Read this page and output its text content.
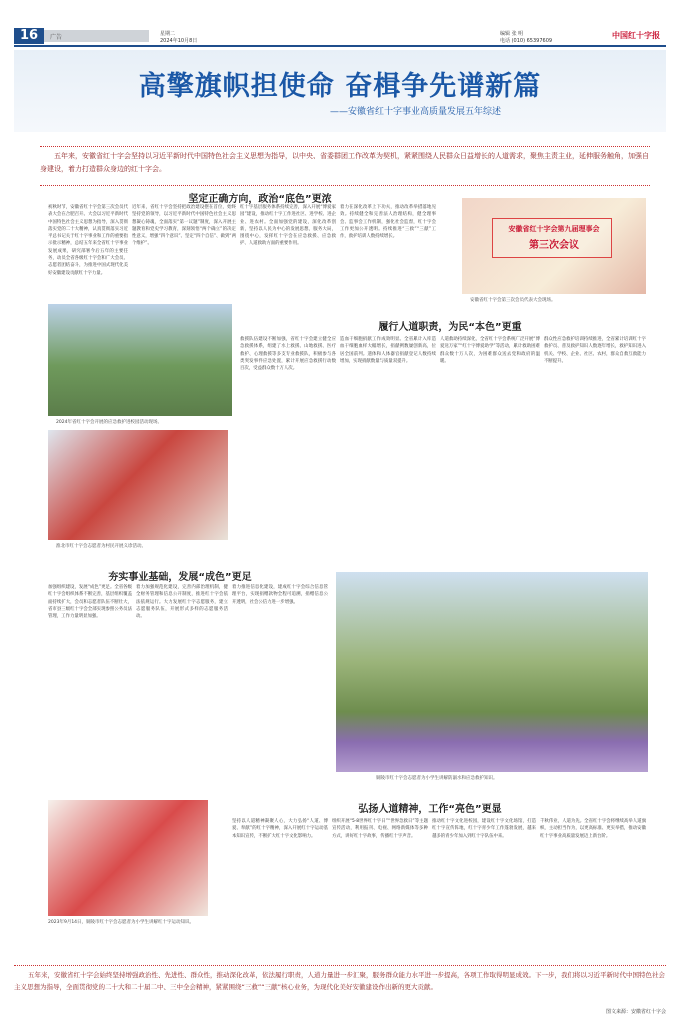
16	广告	星期二
2024年10月8日
编辑 张 明
电话 (010) 65397609
中国红十字报
高擎旗帜担使命 奋楫争先谱新篇
——安徽省红十字事业高质量发展五年综述

五年来，安徽省红十字会坚持以习近平新时代中国特色社会主义思想为指导，以中央、省委群团工作改革为契机，紧紧围绕人民群众日益增长的人道需求，聚焦主责主业，延伸服务触角，加强自身建设，着力打造群众身边的红十字会。

坚定正确方向，政治“底色”更浓
初秋时节，安徽省红十字会第三次会员代表大会在合肥召开。大会以习近平新时代中国特色社会主义思想为指导，深入贯彻落实党的二十大精神，认真贯彻落实习近平总书记关于红十字事业和工作的重要指示批示精神，总结五年来全省红十字事业发展成果，研究部署今后五年的主要任务，动员全省各级红十字会和广大会员、志愿者团结奋斗，为推进中国式现代化美好安徽建设贡献红十字力量。
近年来，省红十字会坚持把政治建设摆在首位，始终坚持党的领导，以习近平新时代中国特色社会主义思想凝心铸魂，全面落实“第一议题”制度，深入开展主题教育和党史学习教育，深刻领悟“两个确立”的决定性意义，增强“四个意识”、坚定“四个自信”、做到“两个维护”。
红十字基层服务体系持续完善，深入开展“博爱家园”建设，推动红十字工作进社区、进学校、进企业、进农村。全面加强党的建设，深化改革创新，坚持以人民为中心的发展思想，服务大局，围绕中心，发挥红十字会在应急救援、应急救护、人道救助方面的重要作用。
着力在深化改革上下功夫，推动改革举措落地见效。持续健全和完善法人治理结构，健全理事会、监事会工作机制，强化社会监督，红十字会工作更加公开透明。持续推进“三救”“三献”工作，救护培训人数持续增长。
安徽省红十字会第九届理事会
第三次会议
安徽省红十字会第三次会员代表大会现场。
2024年省红十字会开展的应急救护进校园活动现场。
淮北市红十字会志愿者为村民开展义诊活动。
履行人道职责，为民“本色”更重
救援队伍建设不断加强，省红十字会建立健全应急救援体系，组建了水上救援、山地救援、医疗救护、心理救援等多支专业救援队，积极参与各类突发事件应急处置，累计开展应急救援行动数百次，受益群众数十万人次。
造血干细胞捐献工作成效明显。全省累计入库造血干细胞血样大幅增长，捐献例数屡创新高，位居全国前列。遗体和人体器官捐献登记人数持续增加，实现捐献数量与质量双提升。
人道救助持续深化，全省红十字会系统广泛开展“博爱送万家”“红十字博爱助学”等活动，累计救助困难群众数十万人次，为困难群众送去党和政府的温暖。
群众性应急救护培训持续推进，全省累计培训红十字救护员、普及救护知识人数逐年增长，救护知识进入机关、学校、企业、社区、农村，群众自救互救能力不断提升。
夯实事业基础，发展“成色”更足
加强组织建设，发展“成色”更足。全省各级红十字会组织体系不断完善，基层组织覆盖面持续扩大，会员和志愿者队伍不断壮大，省市县三级红十字会全部实现参照公务员法管理，工作力量明显加强。
着力加强规范化建设，完善内部治理机制，健全财务管理和信息公开制度，推进红十字会依法依规运行。大力发展红十字志愿服务，建立志愿服务队伍，开展形式多样的志愿服务活动。
着力推进信息化建设，建成红十字会综合信息管理平台，实现捐赠款物全程可追溯，捐赠信息公开透明，社会公信力进一步增强。
铜陵市红十字会志愿者为小学生讲解防溺水和应急救护知识。
弘扬人道精神，工作“亮色”更显
2023年9月14日，铜陵市红十字会志愿者为小学生讲解红十字运动知识。
坚持以人道精神凝聚人心，大力弘扬“人道、博爱、奉献”的红十字精神，深入开展红十字运动基本知识宣传，不断扩大红十字文化影响力。
组织开展“5·8世界红十字日”“世界急救日”等主题宣传活动，利用报刊、电视、网络新媒体等多种方式，讲好红十字故事，传播红十字声音。
推动红十字文化进校园，建设红十字文化场馆，打造红十字宣传阵地，红十字青少年工作蓬勃发展，越来越多的青少年加入到红十字队伍中来。
千秋伟业，人道为先。全省红十字会将继续高举人道旗帜，主动担当作为，以更高标准、更实举措，推动安徽红十字事业高质量发展迈上新台阶。

五年来，安徽省红十字会始终坚持增强政治性、先进性、群众性，推动深化改革，依法履行职责，人道力量进一步汇聚，服务群众能力水平进一步提高，各项工作取得明显成效。下一步，我们将以习近平新时代中国特色社会主义思想为指导，全面贯彻党的二十大和二十届二中、三中全会精神，紧紧围绕“三救”“三献”核心业务，为现代化美好安徽建设作出新的更大贡献。

图文来源：安徽省红十字会
